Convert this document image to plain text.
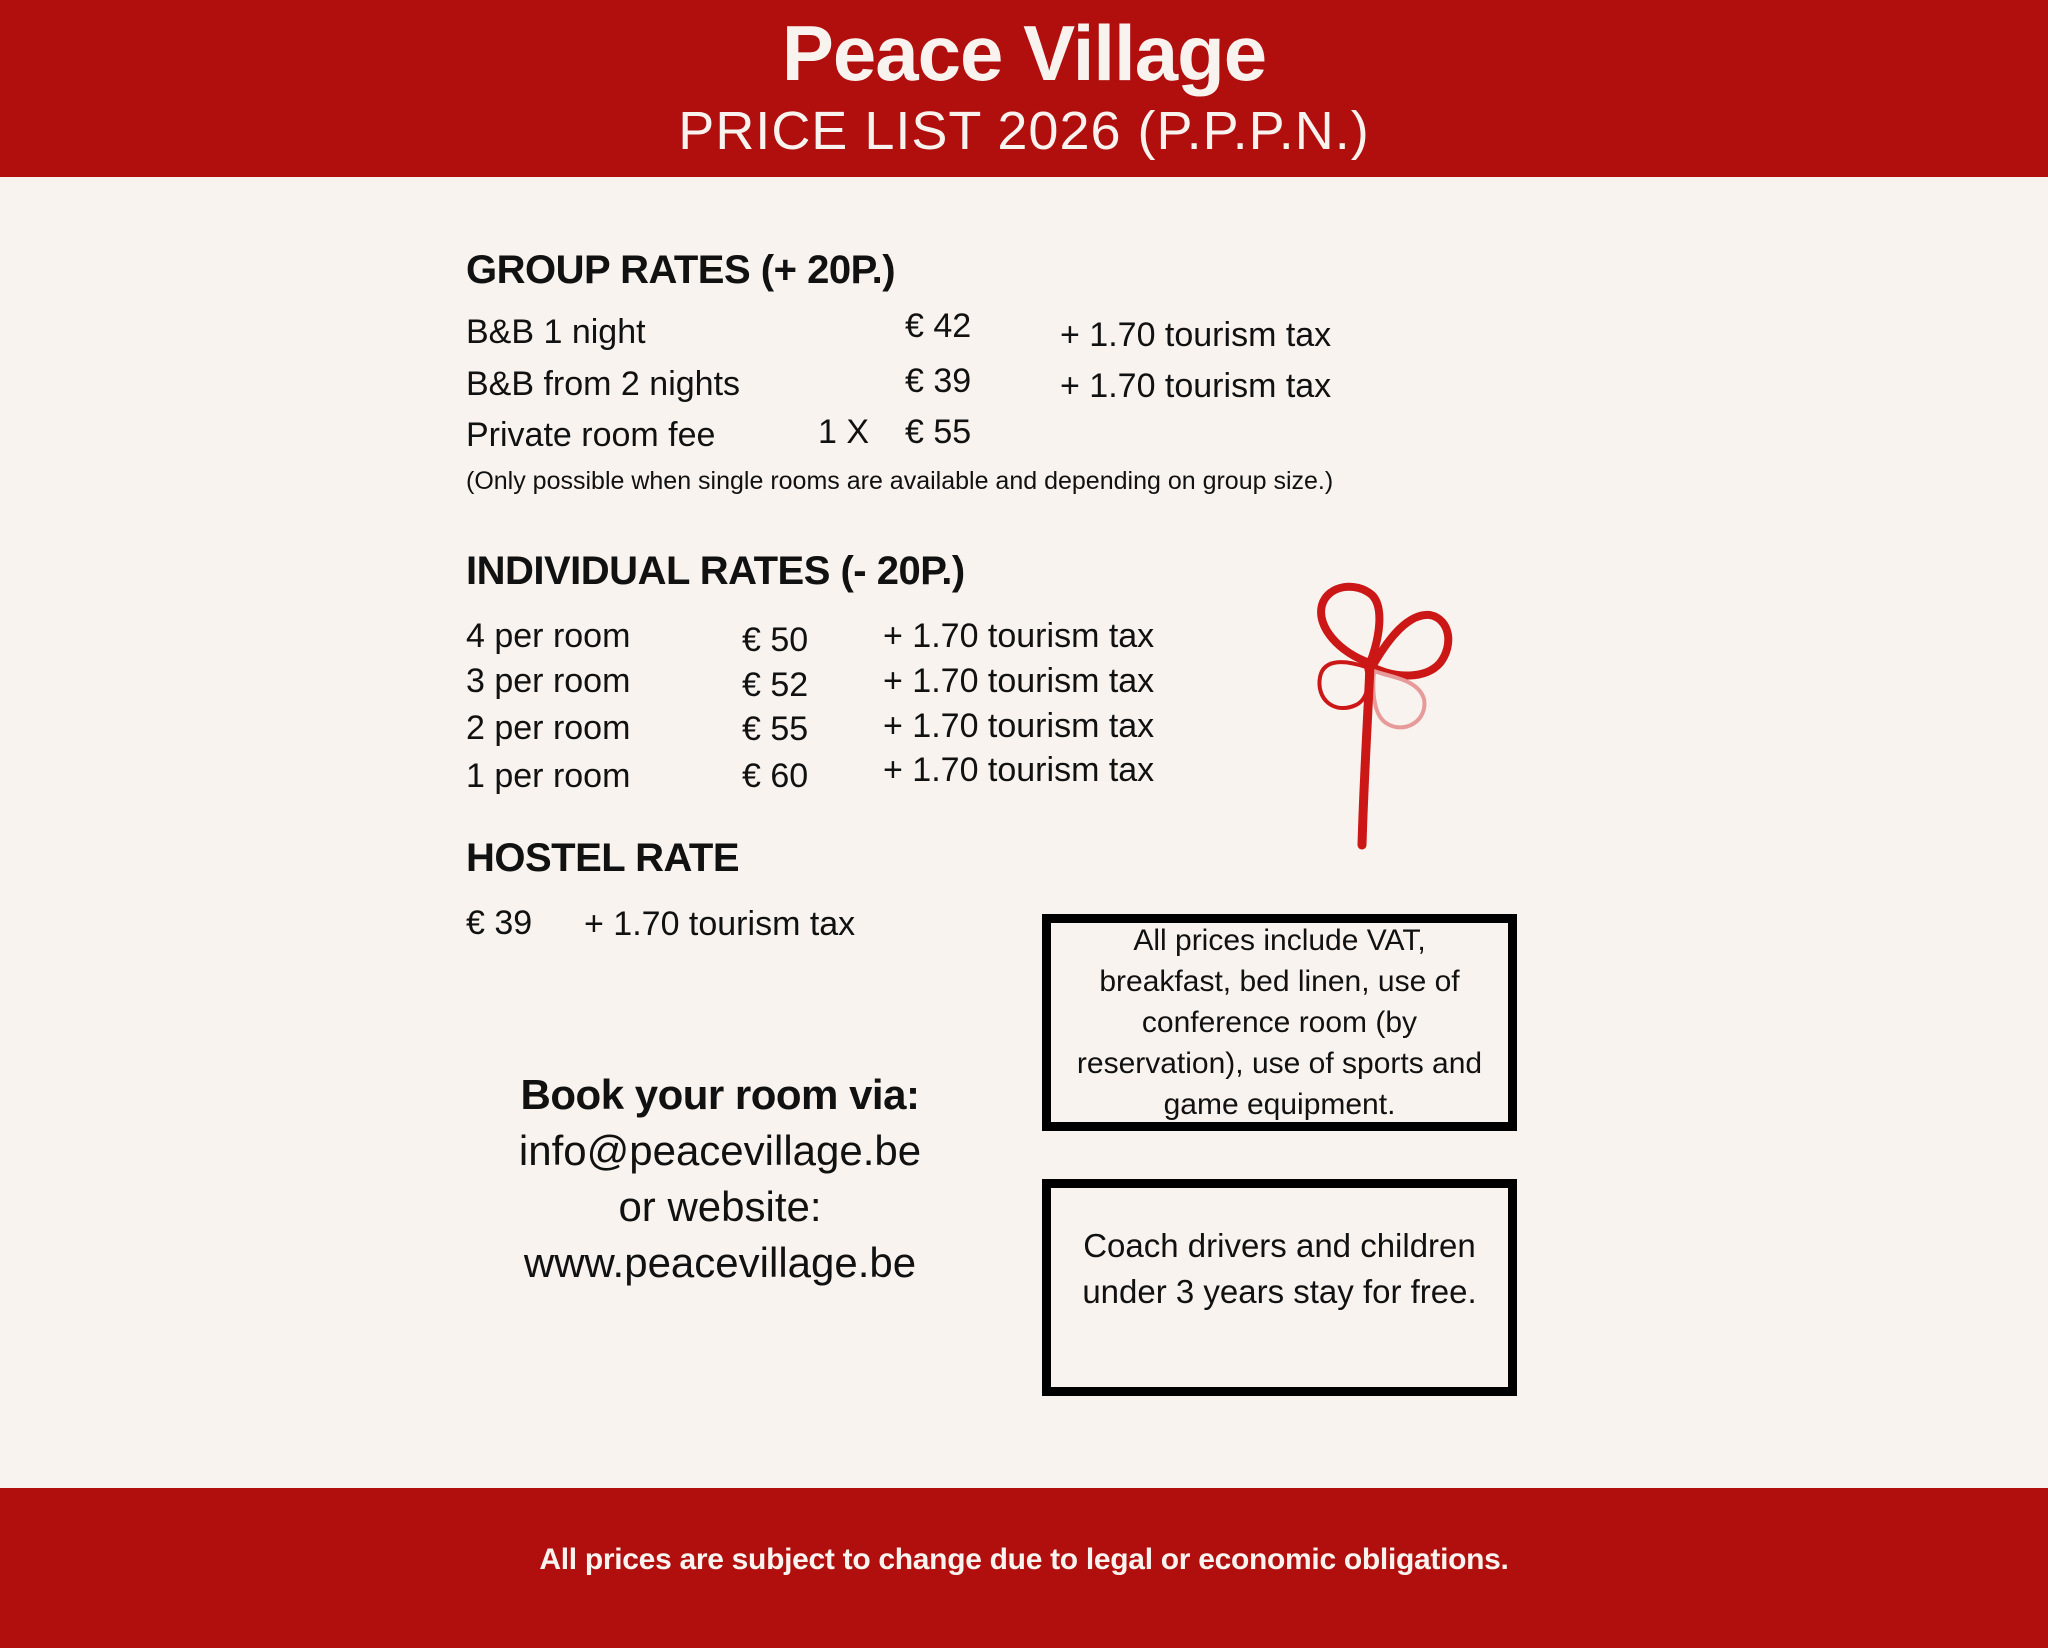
Peace Village
PRICE LIST 2026 (P.P.P.N.)
GROUP RATES (+ 20P.)
B&B 1 night	€ 42	+ 1.70 tourism tax
B&B from 2 nights	€ 39	+ 1.70 tourism tax
Private room fee	1 X € 55
(Only possible when single rooms are available and depending on group size.)
INDIVIDUAL RATES (- 20P.)
4 per room	€ 50 + 1.70 tourism tax
3 per room	€ 52 + 1.70 tourism tax
2 per room	€ 55 + 1.70 tourism tax
1 per room	€ 60 + 1.70 tourism tax
HOSTEL RATE
€ 39 + 1.70 tourism tax
Book your room via:
info@peacevillage.be
or website:
www.peacevillage.be
All prices include VAT, breakfast, bed linen, use of conference room (by reservation), use of sports and game equipment.
Coach drivers and children under 3 years stay for free.
All prices are subject to change due to legal or economic obligations.
